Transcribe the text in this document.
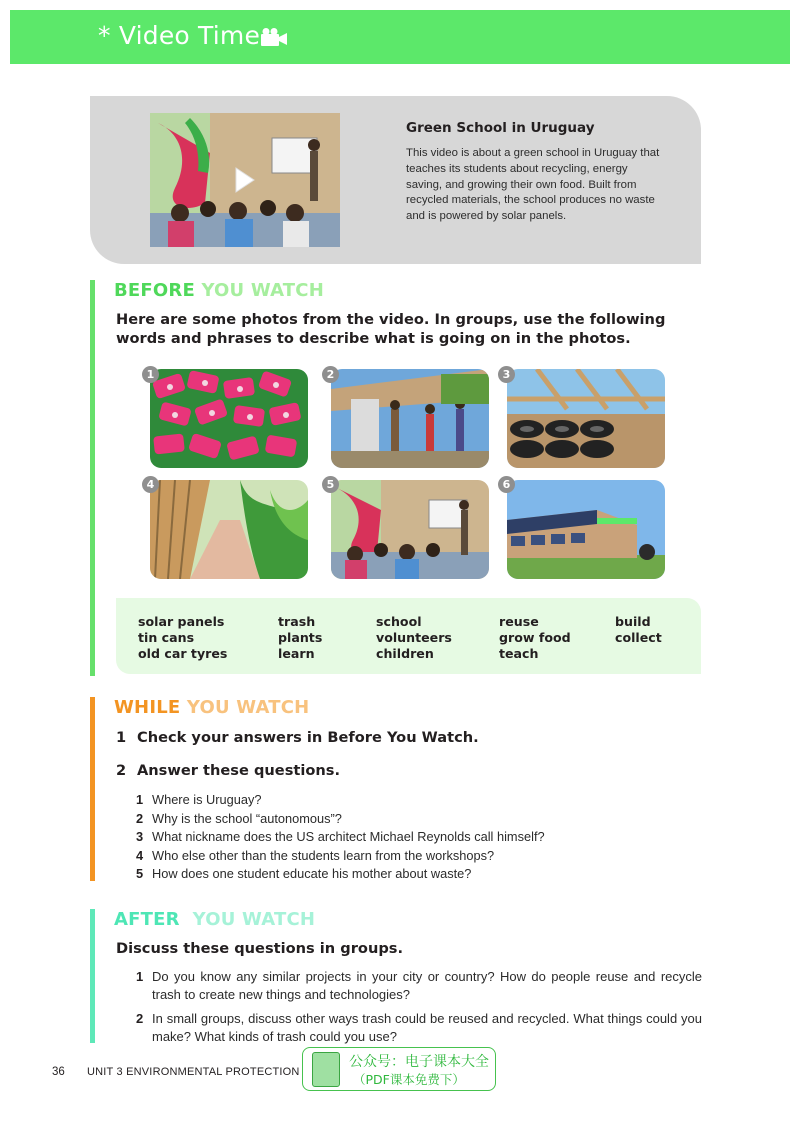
* Video Time
Green School in Uruguay
This video is about a green school in Uruguay that teaches its students about recycling, energy saving, and growing their own food. Built from recycled materials, the school produces no waste and is powered by solar panels.
BEFORE YOU WATCH
Here are some photos from the video. In groups, use the following words and phrases to describe what is going on in the photos.
1	2	3
4	5	6
solar panels
tin cans
old car tyres
trash
plants
learn
school
volunteers
children
reuse
grow food
teach
build
collect
WHILE YOU WATCH
1 Check your answers in Before You Watch.
2 Answer these questions.
1 Where is Uruguay?
2 Why is the school “autonomous”?
3 What nickname does the US architect Michael Reynolds call himself?
4 Who else other than the students learn from the workshops?
5 How does one student educate his mother about waste?
AFTER  YOU WATCH
Discuss these questions in groups.
1 Do you know any similar projects in your city or country? How do people reuse and recycle trash to create new things and technologies?
2 In small groups, discuss other ways trash could be reused and recycled. What things could you make? What kinds of trash could you use?
36 UNIT 3 ENVIRONMENTAL PROTECTION
公众号：电子课本大全
（PDF课本免费下）
